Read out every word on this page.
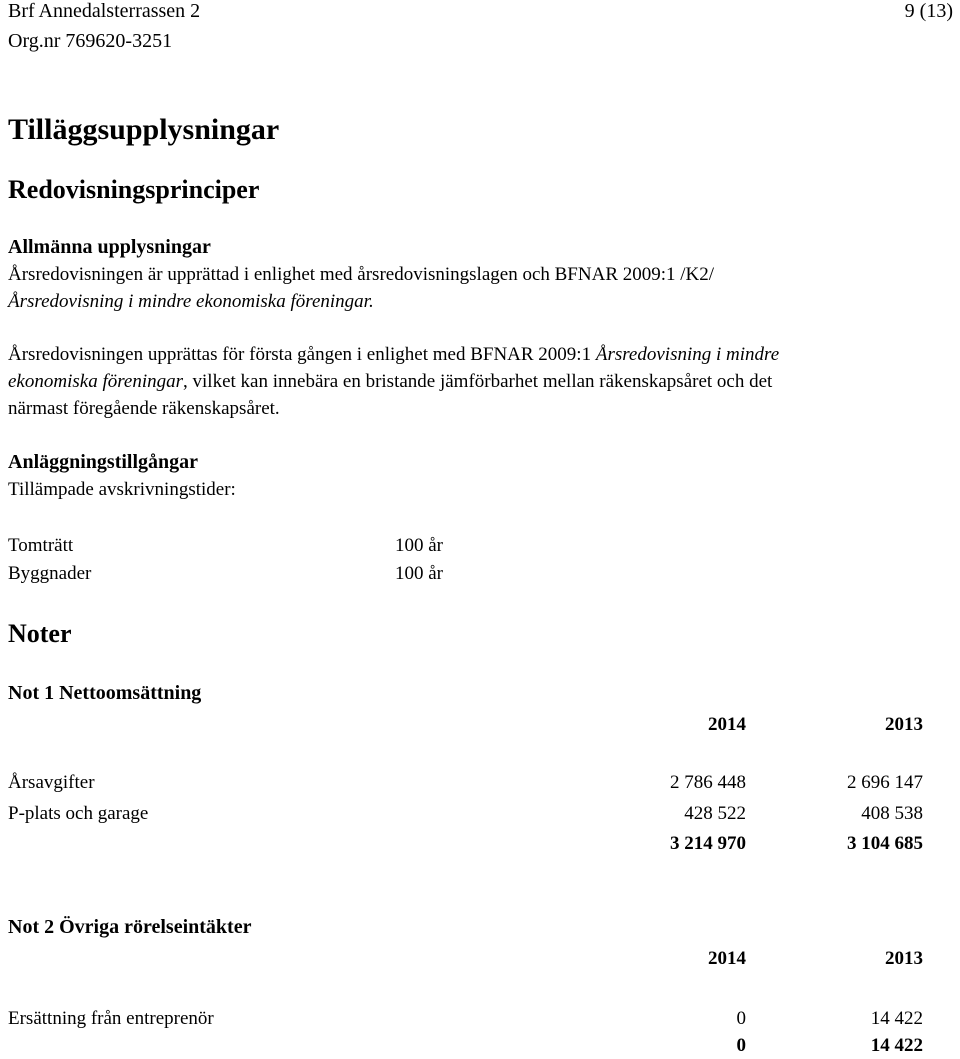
Brf Annedalsterrassen 2
Org.nr 769620-3251
9 (13)
Tilläggsupplysningar
Redovisningsprinciper
Allmänna upplysningar
Årsredovisningen är upprättad i enlighet med årsredovisningslagen och BFNAR 2009:1 /K2/
Årsredovisning i mindre ekonomiska föreningar.
Årsredovisningen upprättas för första gången i enlighet med BFNAR 2009:1 Årsredovisning i mindre
ekonomiska föreningar, vilket kan innebära en bristande jämförbarhet mellan räkenskapsåret och det
närmast föregående räkenskapsåret.
Anläggningstillgångar
Tillämpade avskrivningstider:
Tomträtt	100 år
Byggnader	100 år
Noter
Not 1 Nettoomsättning
2014	2013
Årsavgifter	2 786 448	2 696 147
P-plats och garage	428 522	408 538
3 214 970	3 104 685
Not 2 Övriga rörelseintäkter
2014	2013
Ersättning från entreprenör	0	14 422
0	14 422
